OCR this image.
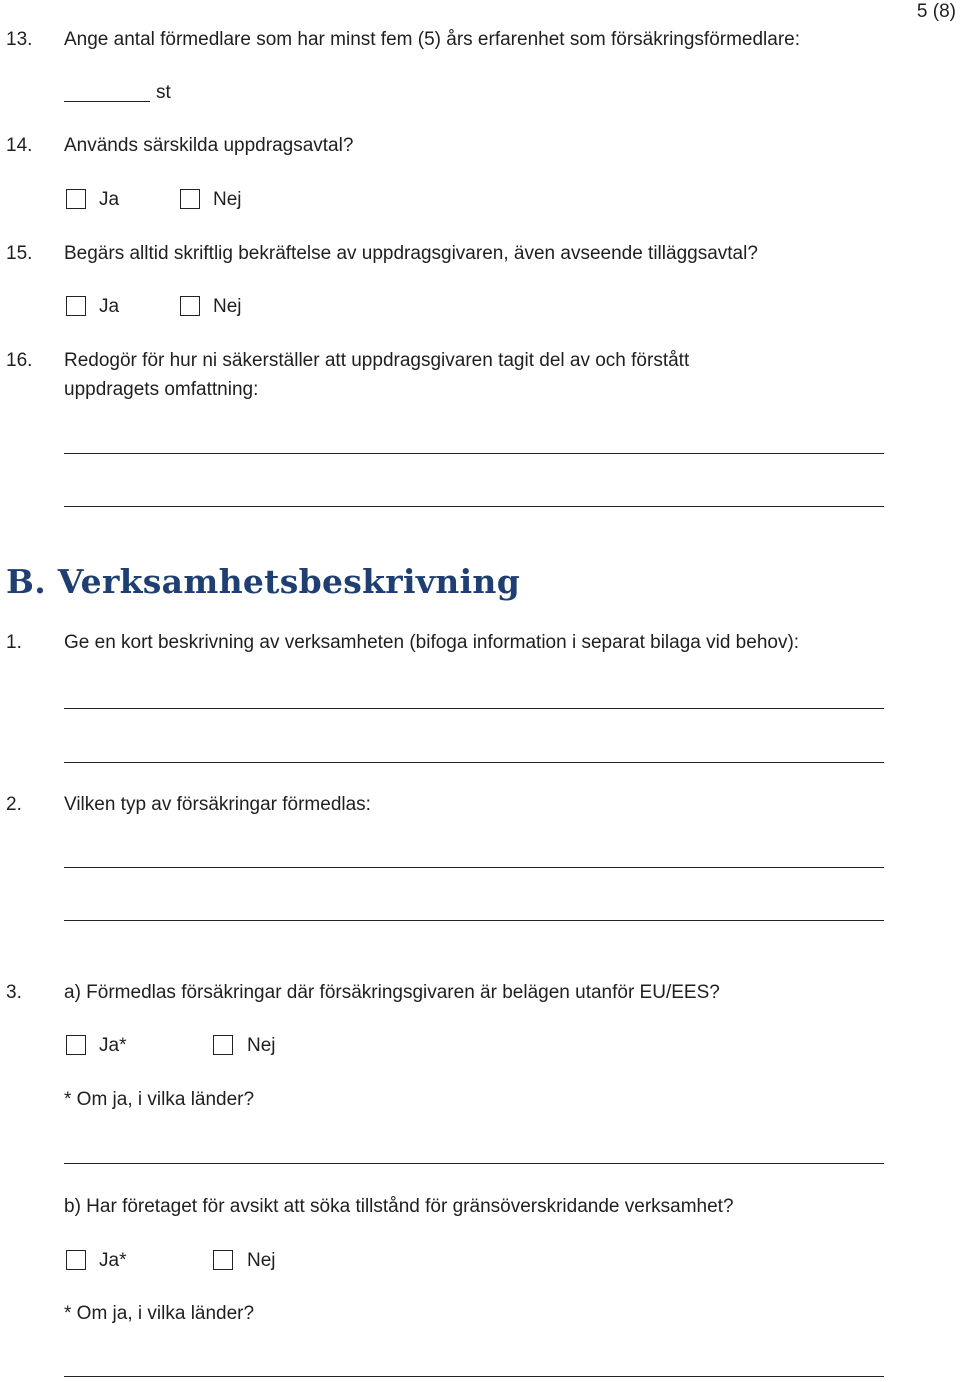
5 (8)
13. Ange antal förmedlare som har minst fem (5) års erfarenhet som försäkringsförmedlare:
st
14. Används särskilda uppdragsavtal?
Ja	Nej
15. Begärs alltid skriftlig bekräftelse av uppdragsgivaren, även avseende tilläggsavtal?
Ja	Nej
16. Redogör för hur ni säkerställer att uppdragsgivaren tagit del av och förstått
uppdragets omfattning:
B. Verksamhetsbeskrivning
1. Ge en kort beskrivning av verksamheten (bifoga information i separat bilaga vid behov):
2. Vilken typ av försäkringar förmedlas:
3. a) Förmedlas försäkringar där försäkringsgivaren är belägen utanför EU/EES?
Ja*	Nej
* Om ja, i vilka länder?
b) Har företaget för avsikt att söka tillstånd för gränsöverskridande verksamhet?
Ja*	Nej
* Om ja, i vilka länder?
